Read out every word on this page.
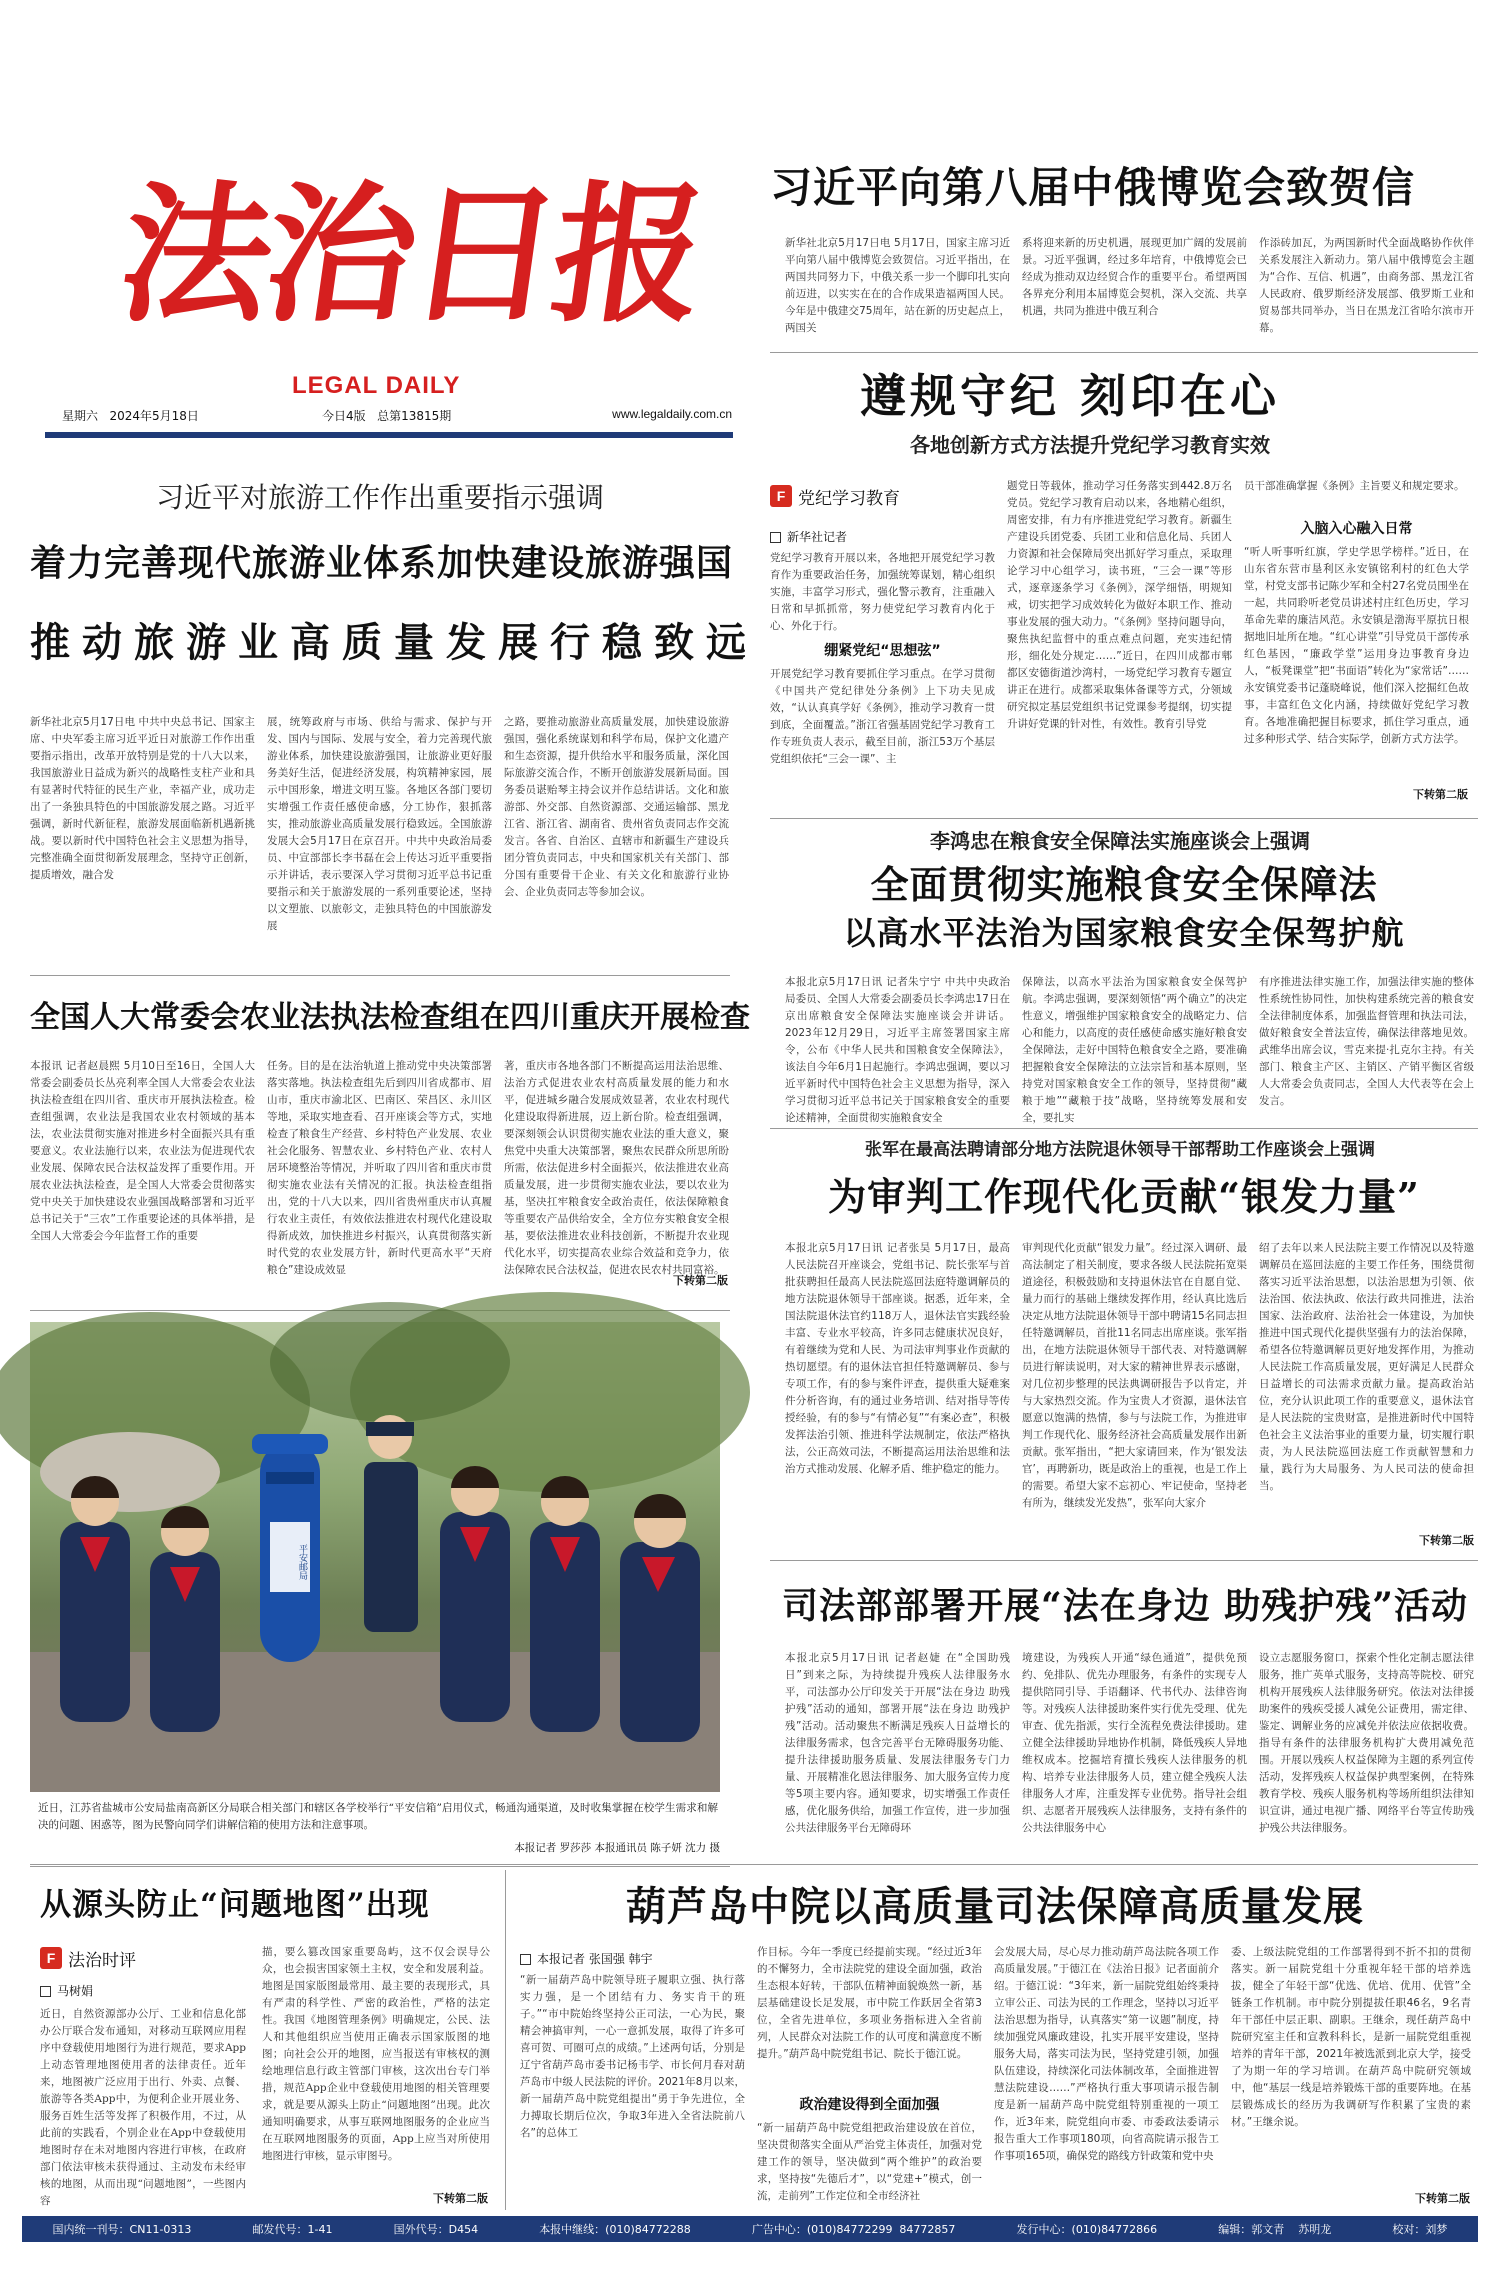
法治日报
LEGAL DAILY
星期六   2024年5月18日	今日4版   总第13815期	www.legaldaily.com.cn
习近平向第八届中俄博览会致贺信
新华社北京5月17日电 5月17日，国家主席习近平向第八届中俄博览会致贺信。习近平指出，在两国共同努力下，中俄关系一步一个脚印扎实向前迈进，以实实在在的合作成果造福两国人民。今年是中俄建交75周年，站在新的历史起点上，两国关
系将迎来新的历史机遇，展现更加广阔的发展前景。习近平强调，经过多年培育，中俄博览会已经成为推动双边经贸合作的重要平台。希望两国各界充分利用本届博览会契机，深入交流、共享机遇，共同为推进中俄互利合
作添砖加瓦，为两国新时代全面战略协作伙伴关系发展注入新动力。第八届中俄博览会主题为“合作、互信、机遇”，由商务部、黑龙江省人民政府、俄罗斯经济发展部、俄罗斯工业和贸易部共同举办，当日在黑龙江省哈尔滨市开幕。
遵规守纪 刻印在心
各地创新方式方法提升党纪学习教育实效
F 党纪学习教育
新华社记者
党纪学习教育开展以来，各地把开展党纪学习教育作为重要政治任务，加强统筹谋划，精心组织实施，丰富学习形式，强化警示教育，注重融入日常和早抓抓常，努力使党纪学习教育内化于心、外化于行。
绷紧党纪“思想弦”
开展党纪学习教育要抓住学习重点。在学习贯彻《中国共产党纪律处分条例》上下功夫见成效，“认认真真学好《条例》，推动学习教育一贯到底，全面覆盖。”浙江省强基固党纪学习教育工作专班负责人表示，截至目前，浙江53万个基层党组织依托“三会一课”、主
题党日等载体，推动学习任务落实到442.8万名党员。党纪学习教育启动以来，各地精心组织，周密安排，有力有序推进党纪学习教育。新疆生产建设兵团党委、兵团工业和信息化局、兵团人力资源和社会保障局突出抓好学习重点，采取理论学习中心组学习，读书班，“三会一课”等形式，逐章逐条学习《条例》，深学细悟，明规知戒，切实把学习成效转化为做好本职工作、推动事业发展的强大动力。“《条例》坚持问题导向，聚焦执纪监督中的重点难点问题，充实违纪情形，细化处分规定……”近日，在四川成都市郫都区安德街道沙湾村，一场党纪学习教育专题宣讲正在进行。成都采取集体备课等方式，分领域研究拟定基层党组织书记党课参考提纲，切实提升讲好党课的针对性，有效性。教育引导党
员干部准确掌握《条例》主旨要义和规定要求。
入脑入心融入日常
“听人听事听红旗，学史学思学榜样。”近日，在山东省东营市垦利区永安镇铭利村的红色大学堂，村党支部书记陈少军和全村27名党员围坐在一起，共同聆听老党员讲述村庄红色历史，学习革命先辈的廉洁风范。永安镇是渤海平原抗日根据地旧址所在地。“红心讲堂”引导党员干部传承红色基因，“廉政学堂”运用身边事教育身边人，“板凳课堂”把“书面语”转化为“家常话”……永安镇党委书记蓬晓峰说，他们深入挖掘红色故事，丰富红色文化内涵，持续做好党纪学习教育。各地准确把握目标要求，抓住学习重点，通过多种形式学、结合实际学，创新方式方法学。
下转第二版
习近平对旅游工作作出重要指示强调
着力完善现代旅游业体系加快建设旅游强国
推动旅游业高质量发展行稳致远
新华社北京5月17日电 中共中央总书记、国家主席、中央军委主席习近平近日对旅游工作作出重要指示指出，改革开放特别是党的十八大以来，我国旅游业日益成为新兴的战略性支柱产业和具有显著时代特征的民生产业，幸福产业，成功走出了一条独具特色的中国旅游发展之路。习近平强调，新时代新征程，旅游发展面临新机遇新挑战。要以新时代中国特色社会主义思想为指导，完整准确全面贯彻新发展理念，坚持守正创新，提质增效，融合发
展，统筹政府与市场、供给与需求、保护与开发、国内与国际、发展与安全，着力完善现代旅游业体系，加快建设旅游强国，让旅游业更好服务美好生活，促进经济发展，构筑精神家园，展示中国形象，增进文明互鉴。各地区各部门要切实增强工作责任感使命感，分工协作，狠抓落实，推动旅游业高质量发展行稳致远。全国旅游发展大会5月17日在京召开。中共中央政治局委员、中宣部部长李书磊在会上传达习近平重要指示并讲话，表示要深入学习贯彻习近平总书记重要指示和关于旅游发展的一系列重要论述，坚持以文塑旅、以旅彰文，走独具特色的中国旅游发展
之路，要推动旅游业高质量发展，加快建设旅游强国，强化系统谋划和科学布局，保护文化遗产和生态资源，提升供给水平和服务质量，深化国际旅游交流合作，不断开创旅游发展新局面。国务委员谌贻琴主持会议并作总结讲话。文化和旅游部、外交部、自然资源部、交通运输部、黑龙江省、浙江省、湖南省、贵州省负责同志作交流发言。各省、自治区、直辖市和新疆生产建设兵团分管负责同志，中央和国家机关有关部门、部分国有重要骨干企业、有关文化和旅游行业协会、企业负责同志等参加会议。
全国人大常委会农业法执法检查组在四川重庆开展检查
本报讯 记者赵晨熙 5月10日至16日，全国人大常委会副委员长丛亮利率全国人大常委会农业法执法检查组在四川省、重庆市开展执法检查。检查组强调，农业法是我国农业农村领域的基本法，农业法贯彻实施对推进乡村全面振兴具有重要意义。农业法施行以来，农业法为促进现代农业发展、保障农民合法权益发挥了重要作用。开展农业法执法检查，是全国人大常委会贯彻落实党中央关于加快建设农业强国战略部署和习近平总书记关于“三农”工作重要论述的具体举措，是全国人大常委会今年监督工作的重要
任务。目的是在法治轨道上推动党中央决策部署落实落地。执法检查组先后到四川省成都市、眉山市，重庆市渝北区、巴南区、荣昌区、永川区等地，采取实地查看、召开座谈会等方式，实地检查了粮食生产经营、乡村特色产业发展、农业社会化服务、智慧农业、乡村特色产业、农村人居环境整治等情况，并听取了四川省和重庆市贯彻实施农业法有关情况的汇报。执法检查组指出，党的十八大以来，四川省贵州重庆市认真履行农业主责任，有效依法推进农村现代化建设取得新成效，加快推进乡村振兴，认真贯彻落实新时代党的农业发展方针，新时代更高水平“天府粮仓”建设成效显
著，重庆市各地各部门不断提高运用法治思维、法治方式促进农业农村高质量发展的能力和水平，促进城乡融合发展成效显著，农业农村现代化建设取得新进展，迈上新台阶。检查组强调，要深刻领会认识贯彻实施农业法的重大意义，聚焦党中央重大决策部署，聚焦农民群众所思所盼所需，依法促进乡村全面振兴，依法推进农业高质量发展，进一步贯彻实施农业法，要以农业为基，坚决扛牢粮食安全政治责任，依法保障粮食等重要农产品供给安全，全方位夯实粮食安全根基，要依法推进农业科技创新，不断提升农业现代化水平，切实提高农业综合效益和竞争力，依法保障农民合法权益，促进农民农村共同富裕。
下转第二版
平安邮局
近日，江苏省盐城市公安局盐南高新区分局联合相关部门和辖区各学校举行“平安信箱”启用仪式，畅通沟通渠道，及时收集掌握在校学生需求和解决的问题、困惑等，图为民警向同学们讲解信箱的使用方法和注意事项。
本报记者 罗莎莎 本报通讯员 陈子妍 沈力 摄
李鸿忠在粮食安全保障法实施座谈会上强调
全面贯彻实施粮食安全保障法
以高水平法治为国家粮食安全保驾护航
本报北京5月17日讯 记者朱宁宁 中共中央政治局委员、全国人大常委会副委员长李鸿忠17日在京出席粮食安全保障法实施座谈会并讲话。2023年12月29日，习近平主席签署国家主席令，公布《中华人民共和国粮食安全保障法》，该法自今年6月1日起施行。李鸿忠强调，要以习近平新时代中国特色社会主义思想为指导，深入学习贯彻习近平总书记关于国家粮食安全的重要论述精神，全面贯彻实施粮食安全
保障法，以高水平法治为国家粮食安全保驾护航。李鸿忠强调，要深刻领悟“两个确立”的决定性意义，增强维护国家粮食安全的战略定力、信心和能力，以高度的责任感使命感实施好粮食安全保障法，走好中国特色粮食安全之路，要准确把握粮食安全保障法的立法宗旨和基本原则，坚持党对国家粮食安全工作的领导，坚持贯彻“藏粮于地”“藏粮于技”战略，坚持统筹发展和安全，要扎实
有序推进法律实施工作，加强法律实施的整体性系统性协同性，加快构建系统完善的粮食安全法律制度体系，加强监督管理和执法司法，做好粮食安全普法宣传，确保法律落地见效。武维华出席会议，雪克来提·扎克尔主持。有关部门、粮食主产区、主销区、产销平衡区省级人大常委会负责同志，全国人大代表等在会上发言。
张军在最高法聘请部分地方法院退休领导干部帮助工作座谈会上强调
为审判工作现代化贡献“银发力量”
本报北京5月17日讯 记者张昊 5月17日，最高人民法院召开座谈会，党组书记、院长张军与首批获聘担任最高人民法院巡回法庭特邀调解员的地方法院退休领导干部座谈。据悉，近年来，全国法院退休法官约118万人，退休法官实践经验丰富、专业水平较高，许多同志健康状况良好，有着继续为党和人民、为司法审判事业作贡献的热切愿望。有的退休法官担任特邀调解员、参与专项工作，有的参与案件评查，提供重大疑难案件分析咨询，有的通过业务培训、结对指导等传授经验，有的参与“有情必复”“有案必查”，积极发挥法治引领、推进科学法规制定，依法严格执法，公正高效司法，不断提高运用法治思维和法治方式推动发展、化解矛盾、维护稳定的能力。
审判现代化贡献“银发力量”。经过深入调研、最高法制定了相关制度，要求各级人民法院拓宽渠道途径，积极鼓励和支持退休法官在自愿自觉、量力而行的基础上继续发挥作用，经认真比选后决定从地方法院退休领导干部中聘请15名同志担任特邀调解员，首批11名同志出席座谈。张军指出，在地方法院退休领导干部代表、对特邀调解员进行解读说明，对大家的精神世界表示感谢，对几位初步整理的民法典调研报告予以肯定，并与大家热烈交流。作为宝贵人才资源，退休法官愿意以饱满的热情，参与与法院工作，为推进审判工作现代化、服务经济社会高质量发展作出新贡献。张军指出，“把大家请回来，作为‘银发法官’，再聘新功，既是政治上的重视，也是工作上的需要。希望大家不忘初心、牢记使命，坚持老有所为，继续发光发热”，张军向大家介
绍了去年以来人民法院主要工作情况以及特邀调解员在巡回法庭的主要工作任务，围绕贯彻落实习近平法治思想，以法治思想为引领、依法治国、依法执政、依法行政共同推进，法治国家、法治政府、法治社会一体建设，为加快推进中国式现代化提供坚强有力的法治保障，希望各位特邀调解员更好地发挥作用，为推动人民法院工作高质量发展，更好满足人民群众日益增长的司法需求贡献力量。提高政治站位，充分认识此项工作的重要意义，退休法官是人民法院的宝贵财富，是推进新时代中国特色社会主义法治事业的重要力量，切实履行职责，为人民法院巡回法庭工作贡献智慧和力量，践行为大局服务、为人民司法的使命担当。
下转第二版
司法部部署开展“法在身边 助残护残”活动
本报北京5月17日讯 记者赵婕 在“全国助残日”到来之际，为持续提升残疾人法律服务水平，司法部办公厅印发关于开展“法在身边 助残护残”活动的通知，部署开展“法在身边 助残护残”活动。活动聚焦不断满足残疾人日益增长的法律服务需求，包含完善平台无障碍服务功能、提升法律援助服务质量、发展法律服务专门力量、开展精准化恩法律服务、加大服务宣传力度等5项主要内容。通知要求，切实增强工作责任感，优化服务供给，加强工作宣传，进一步加强公共法律服务平台无障碍环
境建设，为残疾人开通“绿色通道”，提供免预约、免排队、优先办理服务，有条件的实现专人提供陪同引导、手语翻译、代书代办、法律咨询等。对残疾人法律援助案件实行优先受理、优先审查、优先指派，实行全流程免费法律援助。建立健全法律援助异地协作机制，降低残疾人异地维权成本。挖掘培育擅长残疾人法律服务的机构、培养专业法律服务人员，建立健全残疾人法律服务人才库，注重发挥专业优势。指导社会组织、志愿者开展残疾人法律服务，支持有条件的公共法律服务中心
设立志愿服务窗口，探索个性化定制志愿法律服务，推广英单式服务，支持高等院校、研究机构开展残疾人法律服务研究。依法对法律援助案件的残疾受援人减免公证费用，需定律、鉴定、调解业务的应减免并依法应依据收费。指导有条件的法律服务机构扩大费用减免范围。开展以残疾人权益保障为主题的系列宣传活动，发挥残疾人权益保护典型案例，在特殊教育学校、残疾人服务机构等场所组织法律知识宣讲，通过电视广播、网络平台等宣传助残护残公共法律服务。
从源头防止“问题地图”出现
F 法治时评
马树娟
近日，自然资源部办公厅、工业和信息化部办公厅联合发布通知，对移动互联网应用程序中登载使用地图行为进行规范，要求App上动态管理地图使用者的法律责任。近年来，地图被广泛应用于出行、外卖、点餐、旅游等各类App中，为便利企业开展业务、服务百姓生活等发挥了积极作用，不过，从此前的实践看，个别企业在App中登载使用地图时存在未对地图内容进行审核，在政府部门依法审核未获得通过、主动发布未经审核的地图，从而出现“问题地图”，一些图内容
描，要么篡改国家重要岛屿，这不仅会误导公众，也会损害国家领土主权，安全和发展利益。地图是国家版图最常用、最主要的表现形式，具有严肃的科学性、严密的政治性，严格的法定性。我国《地图管理条例》明确规定，公民、法人和其他组织应当使用正确表示国家版图的地图；向社会公开的地图，应当报送有审核权的测绘地理信息行政主管部门审核，这次出台专门举措，规范App企业中登载使用地图的相关管理要求，就是要从源头上防止“问题地图”出现。此次通知明确要求，从事互联网地图服务的企业应当在互联网地图服务的页面，App上应当对所使用地图进行审核，显示审图号。
下转第二版
葫芦岛中院以高质量司法保障高质量发展
本报记者 张国强 韩宇
“新一届葫芦岛中院领导班子履职立强、执行落实力强，是一个团结有力、务实肯干的班子。”“市中院始终坚持公正司法，一心为民，聚精会神搞审判，一心一意抓发展，取得了许多可喜可贺、可圈可点的成绩。”上述两句话，分别是辽宁省葫芦岛市委书记杨韦学、市长何月春对葫芦岛市中级人民法院的评价。2021年8月以来，新一届葫芦岛中院党组提出“勇于争先进位，全力搏取长期后位次，争取3年进入全省法院前八名”的总体工
作目标。今年一季度已经提前实现。“经过近3年的不懈努力，全市法院党的建设全面加强，政治生态根本好转，干部队伍精神面貌焕然一新，基层基础建设长足发展，市中院工作跃居全省第3位，全省先进单位，多项业务指标进入全省前列，人民群众对法院工作的认可度和满意度不断提升。”葫芦岛中院党组书记、院长于德江说。
政治建设得到全面加强
“新一届葫芦岛中院党组把政治建设放在首位，坚决贯彻落实全面从严治党主体责任，加强对党建工作的领导，坚决做到“两个维护”的政治要求，坚持按“先德后才”，以“党建+”模式，创一流，走前列”工作定位和全市经济社
会发展大局，尽心尽力推动葫芦岛法院各项工作高质量发展。”于德江在《法治日报》记者面前介绍。于德江说：“3年来，新一届院党组始终秉持立审公正、司法为民的工作理念，坚持以习近平法治思想为指导，认真落实“第一议题”制度，持续加强党风廉政建设，扎实开展平安建设，坚持服务大局，落实司法为民，坚持党建引领，加强队伍建设，持续深化司法体制改革，全面推进智慧法院建设……”严格执行重大事项请示报告制度是新一届葫芦岛中院党组特别重视的一项工作，近3年来，院党组向市委、市委政法委请示报告重大工作事项180项，向省高院请示报告工作事项165项，确保党的路线方针政策和党中央
委、上级法院党组的工作部署得到不折不扣的贯彻落实。新一届院党组十分重视年轻干部的培养选拔，健全了年轻干部“优选、优培、优用、优管”全链条工作机制。市中院分别提拔任职46名，9名青年干部任中层正职、副职。王继余，现任葫芦岛中院研究室主任和宣教科科长，是新一届院党组重视培养的青年干部，2021年被选派到北京大学，接受了为期一年的学习培训。在葫芦岛中院研究领域中，他“基层一线是培养锻炼干部的重要阵地。在基层锻炼成长的经历为我调研写作积累了宝贵的素材。”王继余说。
下转第二版
国内统一刊号：CN11-0313	邮发代号：1-41	国外代号：D454	本报中继线：(010)84772288	广告中心：(010)84772299  84772857	发行中心：(010)84772866	编辑：郭文青    苏明龙	校对：刘梦
